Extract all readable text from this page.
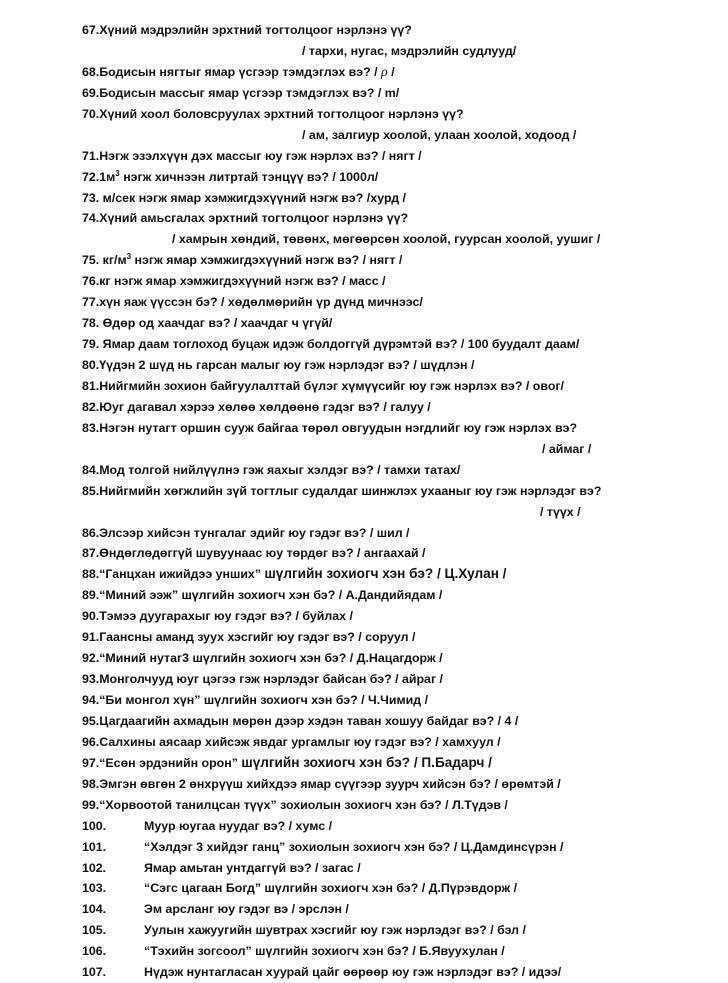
67.Хүний мэдрэлийн эрхтний тогтолцоог нэрлэнэ үү?
/ тархи, нугас, мэдрэлийн судлууд/
68.Бодисын нягтыг ямар үсгээр тэмдэглэх вэ? / ρ /
69.Бодисын массыг ямар үсгээр тэмдэглэх вэ? / m/
70.Хүний хоол боловсруулах эрхтний тогтолцоог нэрлэнэ үү?
/ ам, залгиур хоолой, улаан хоолой, ходоод /
71.Нэгж эзэлхүүн дэх массыг юу гэж нэрлэх вэ? / нягт /
$72.1м^3$ нэгж хичнээн литртай тэнцүү вэ? / 1000л/
73. м/сек нэгж ямар хэмжигдэхүүний нэгж вэ? /хурд /
74.Хүний амьсгалах эрхтний тогтолцоог нэрлэнэ үү?
/ хамрын хөндий, төвөнх, мөгөөрсөн хоолой, гуурсан хоолой, уушиг /
75. $кг/м^3$ нэгж ямар хэмжигдэхүүний нэгж вэ? / нягт /
76.кг нэгж ямар хэмжигдэхүүний нэгж вэ? / масс /
77.хүн яаж үүссэн бэ? / хөдөлмөрийн үр дүнд мичнээс/
78. Өдөр од хаачдаг вэ? / хаачдаг ч үгүй/
79. Ямар даам тоглоход буцаж идэж болдоггүй дүрэмтэй вэ? / 100 буудалт даам/
80.Үүдэн 2 шүд нь гарсан малыг юу гэж нэрлэдэг вэ? / шүдлэн /
81.Нийгмийн зохион байгуулалттай бүлэг хүмүүсийг юу гэж нэрлэх вэ? / овог/
82.Юуг дагавал хэрээ хөлөө хөлдөөнө гэдэг вэ? / галуу /
83.Нэгэн нутагт оршин сууж байгаа төрөл овгуудын нэгдлийг юу гэж нэрлэх вэ?
/ аймаг /
84.Мод толгой нийлүүлнэ гэж яахыг хэлдэг вэ? / тамхи татах/
85.Нийгмийн хөгжлийн зүй тогтлыг судалдаг шинжлэх ухааныг юу гэж нэрлэдэг вэ?
/ түүх /
86.Элсээр хийсэн тунгалаг эдийг юу гэдэг вэ? / шил /
87.Өндөглөдөггүй шувуунаас юу төрдөг вэ? / ангаахай /
88.“Ганцхан ижийдээ унших” шүлгийн зохиогч хэн бэ? / Ц.Хулан /
89.“Миний ээж” шүлгийн зохиогч хэн бэ? / А.Дандийядам /
90.Тэмээ дуугарахыг юу гэдэг вэ? / буйлах /
91.Гаансны аманд зуух хэсгийг юу гэдэг вэ? / соруул /
92.“Миний нутаг3 шүлгийн зохиогч хэн бэ? / Д.Нацагдорж /
93.Монголчууд юуг цэгээ гэж нэрлэдэг байсан бэ? / айраг /
94.“Би монгол хүн” шүлгийн зохиогч хэн бэ? / Ч.Чимид /
95.Цагдаагийн ахмадын мөрөн дээр хэдэн таван хошуу байдаг вэ? / 4 /
96.Салхины аясаар хийсэж явдаг ургамлыг юу гэдэг вэ? / хамхуул /
97.“Есөн эрдэнийн орон” шүлгийн зохиогч хэн бэ? / П.Бадарч /
98.Эмгэн өвгөн 2 өнхрүүш хийхдээ ямар сүүгээр зуурч хийсэн бэ? / өрөмтэй /
99.“Хорвоотой танилцсан түүх” зохиолын зохиогч хэн бэ? / Л.Түдэв /
100.	Муур юугаа нуудаг вэ? / хумс /
101.	“Хэлдэг 3 хийдэг ганц” зохиолын зохиогч хэн бэ? / Ц.Дамдинсүрэн /
102.	Ямар амьтан унтдаггүй вэ? / загас /
103.	“Сэгс цагаан Богд” шүлгийн зохиогч хэн бэ? / Д.Пүрэвдорж /
104.	Эм арсланг юу гэдэг вэ / эрслэн /
105.	Уулын хажуугийн шувтрах хэсгийг юу гэж нэрлэдэг вэ? / бэл /
106.	“Тэхийн зогсоол” шүлгийн зохиогч хэн бэ? / Б.Явуухулан /
107.	Нүдэж нунтагласан хуурай цайг өөрөөр юу гэж нэрлэдэг вэ? / идээ/
